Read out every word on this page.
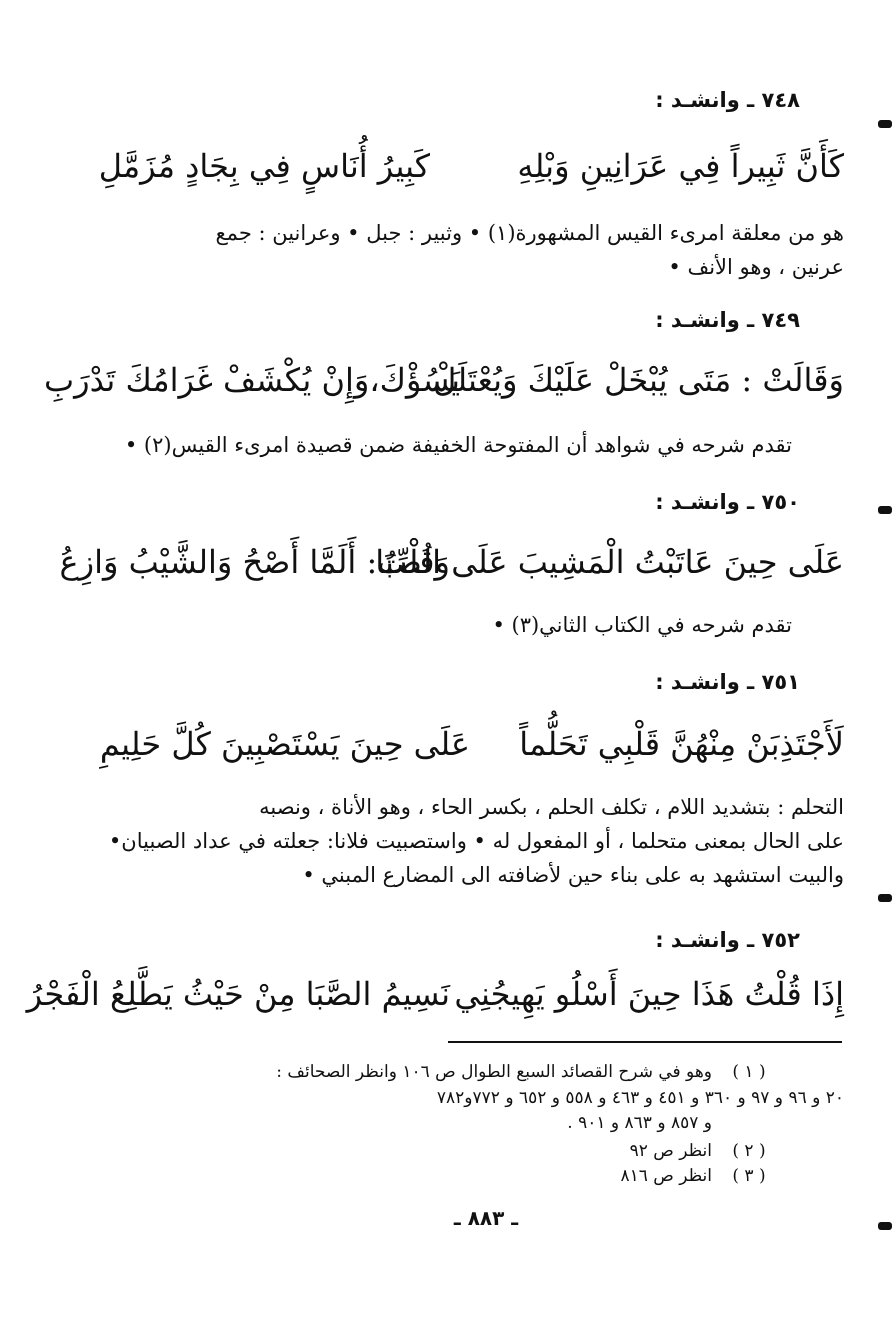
٧٤٨ ـ وانشـد :
كَأَنَّ ثَبِيراً فِي عَرَانِينِ وَبْلِهِ
كَبِيرُ أُنَاسٍ فِي بِجَادٍ مُزَمَّلِ
هو من معلقة امرىء القيس المشهورة(١) • وثبير : جبل • وعرانين : جمع
عرنين ، وهو الأنف •
٧٤٩ ـ وانشـد :
وَقَالَتْ : مَتَى يُبْخَلْ عَلَيْكَ وَيُعْتَلَلْ
يَسُؤْكَ،وَإِنْ يُكْشَفْ غَرَامُكَ تَدْرَبِ
تقدم شرحه في شواهد أن المفتوحة الخفيفة ضمن قصيدة امرىء القيس(٢) •
٧٥٠ ـ وانشـد :
عَلَى حِينَ عَاتَبْتُ الْمَشِيبَ عَلَى الصِّبَا
وَقُلْتُ: أَلَمَّا أَصْحُ وَالشَّيْبُ وَازِعُ
تقدم شرحه في الكتاب الثاني(٣) •
٧٥١ ـ وانشـد :
لَأَجْتَذِبَنْ مِنْهُنَّ قَلْبِي تَحَلُّماً
عَلَى حِينَ يَسْتَصْبِينَ كُلَّ حَلِيمِ
التحلم : بتشديد اللام ، تكلف الحلم ، بكسر الحاء ، وهو الأناة ، ونصبه
على الحال بمعنى متحلما ، أو المفعول له • واستصبيت فلانا: جعلته في عداد الصبيان•
والبيت استشهد به على بناء حين لأضافته الى المضارع المبني •
٧٥٢ ـ وانشـد :
إِذَا قُلْتُ هَذَا حِينَ أَسْلُو يَهِيجُنِي
نَسِيمُ الصَّبَا مِنْ حَيْثُ يَطَّلِعُ الْفَجْرُ
( ١ )
وهو في شرح القصائد السبع الطوال ص ١٠٦ وانظر الصحائف :
٢٠ و ٩٦ و ٩٧ و ٣٦٠ و ٤٥١ و ٤٦٣ و ٥٥٨ و ٦٥٢ و ٧٧٢و٧٨٢
و ٨٥٧ و ٨٦٣ و ٩٠١ .
( ٢ )
انظر ص ٩٢
( ٣ )
انظر ص ٨١٦
ـ ٨٨٣ ـ
